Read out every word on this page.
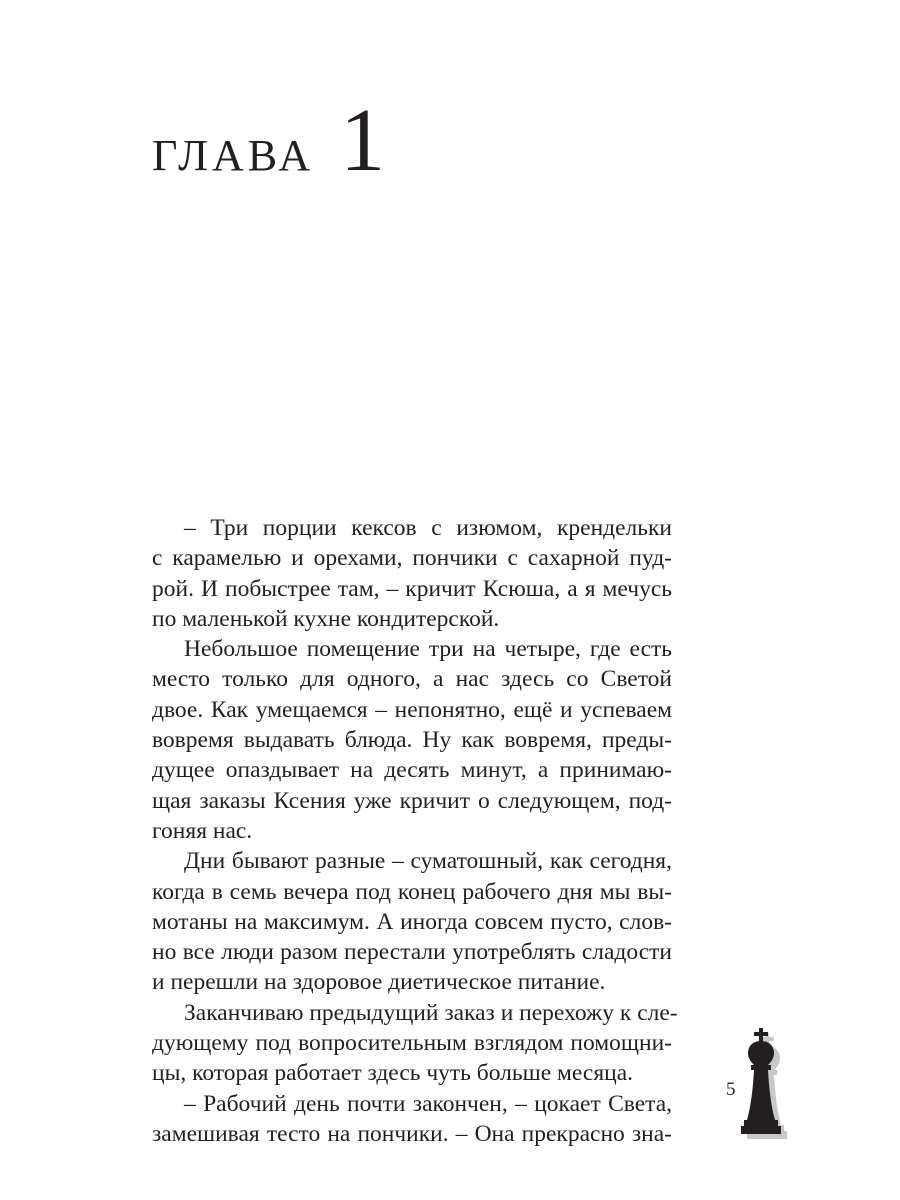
ГЛАВА 1
– Три порции кексов с изюмом, крендельки
с карамелью и орехами, пончики с сахарной пуд-
рой. И побыстрее там, – кричит Ксюша, а я мечусь
по маленькой кухне кондитерской.
Небольшое помещение три на четыре, где есть
место только для одного, а нас здесь со Светой
двое. Как умещаемся – непонятно, ещё и успеваем
вовремя выдавать блюда. Ну как вовремя, преды-
дущее опаздывает на десять минут, а принимаю-
щая заказы Ксения уже кричит о следующем, под-
гоняя нас.
Дни бывают разные – суматошный, как сегодня,
когда в семь вечера под конец рабочего дня мы вы-
мотаны на максимум. А иногда совсем пусто, слов-
но все люди разом перестали употреблять сладости
и перешли на здоровое диетическое питание.
Заканчиваю предыдущий заказ и перехожу к сле-
дующему под вопросительным взглядом помощни-
цы, которая работает здесь чуть больше месяца.
– Рабочий день почти закончен, – цокает Света,
замешивая тесто на пончики. – Она прекрасно зна-
5
